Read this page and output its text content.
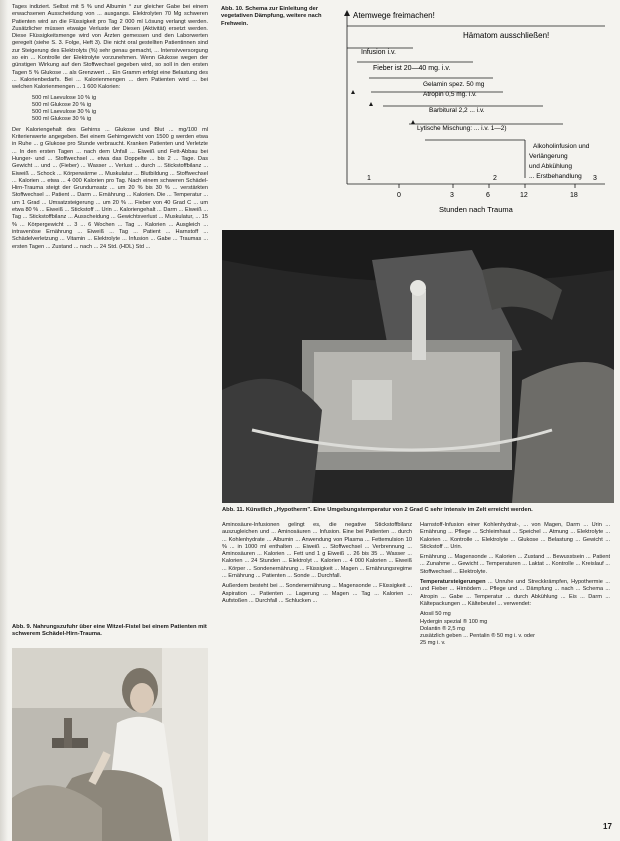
Tages indiziert. Selbst mit 5 % und Albumin ° zur gleicher Gabe bei einem erwachsenen Ausscheidung von ... ausgangs. Elektrolyten 70 Mg schweren Patienten wird an die Flüssigkeit pro Tag 2 000 ml Lösung verlangt werden. Zusätzlicher müssen etwaige Verluste der Diesen (Aktivität) ersetzt werden. Diese Flüssigkeitsmenge wird von Ärzten gemessen und den Laborwerten geregelt (siehe S. 3. Folge, Heft 3). Die nicht oral gestellten Patientinnen sind zur Steigerung des Elektrolyts (%) sehr genau gemacht, ... Intensivversorgung so ein ... Kontrolle der Elektrolyte vorzunehmen. Wenn Glukose wegen der günstigen Wirkung auf den Stoffwechsel gegeben wird, so soll in den ersten Tagen 5 % Glukose ... als Grenzwert ... Ein Gramm erfolgt eine Belastung des ... Kalorienbedarfs. Bei ... Kalorienmengen ... dem Patienten wird ... bei welchen Kalorienmengen ... 1 600 Kalorien:

500 ml Laevulose 10 % ig
500 ml Glukose 20 % ig
500 ml Laevulose 30 % ig
500 ml Glukose 30 % ig

Der Kaloriengehalt des Gehirns ... Glukose und Blut ... mg/100 ml Kriterienwerte angegeben. Bei einem Gehirngewicht von 1500 g werden etwa in Ruhe ... g Glukose pro Stunde verbraucht. Kranken Patienten und Verletzte ... In den ersten Tagen ... nach dem Unfall ... Eiweiß und Fett-Abbau bei Hunger- und ... Stoffwechsel ... etwa das Doppelte ... bis 2 ... Tage. Das Gewicht ... und ... (Fieber) ... Wasser ... Verlust ... durch ... Stickstoffbilanz ... Eiweiß ... Schock ... Körperwärme ... Muskulatur ... Blutbildung ... Stoffwechsel ... Kalorien ... etwa ... 4 000 Kalorien pro Tag. Nach einem schweren Schädel-Hirn-Trauma steigt der Grundumsatz ... um 20 % bis 30 % ... verstärkten Stoffwechsel ... Patient ... Darm ... Ernährung ... Kalorien. Die ... Temperatur ... um 1 Grad ... Umsatzsteigerung ... um 20 % ... Fieber von 40 Grad C ... um etwa 80 % ... Eiweiß ... Stickstoff ... Urin ... Kaloriengehalt ... Darm ... Eiweiß ... Tag ... Stickstoffbilanz ... Ausscheidung ... Gewichtsverlust ... Muskulatur, ... 15 % ... Körpergewicht ... 3 ... 6 Wochen ... Tag ... Kalorien ... Ausgleich ... intravenöse Ernährung ... Eiweiß ... Tag ... Patient ... Harnstoff ... Schädelverletzung ... Vitamin ... Elektrolyte ... Infusion ... Gabe ... Traumas ... ersten Tagen ... Zustand ... nach ... 24 Std. (HDL) Std ...

Abb. 9. Nahrungszufuhr über eine Witzel-Fistel bei einem Patienten mit schwerem Schädel-Hirn-Trauma.
Abb. 10. Schema zur Einleitung der vegetativen Dämpfung, weitere nach Frehwein.
Atemwege freimachen!
Hämatom ausschließen!
Infusion i.v.
Fieber ist 20—40 mg. i.v.
Gelamin spez. 50 mg
Atropin 0,5 mg. i.v.
Barbitural 2,2 ... i.v.
Lytische Mischung: ... i.v. 1—2)
Alkoholinfusion und
Verlängerung
und Abkühlung
... Erstbehandlung
1	2	3
0	3	6	12	18
Stunden nach Trauma
Abb. 11. Künstlich „Hypotherm". Eine Umgebungstemperatur von 2 Grad C sehr intensiv im Zelt erreicht werden.

Aminosäure-Infusionen gelingt es, die negative Stickstoffbilanz auszugleichen und ... Aminosäuren ... Infusion. Eine bei Patienten ... durch ... Kohlenhydrate ... Albumin ... Anwendung von Plasma ... Fettemulsion 10 % ... in 1000 ml enthalten ... Eiweiß ... Stoffwechsel ... Verbrennung ... Aminosäuren ... Kalorien ... Fett und 1 g Eiweiß ... 26 bis 35 ... Wasser ... Kalorien ... 24 Stunden ... Elektrolyt ... Kalorien ... 4 000 Kalorien ... Eiweiß ... Körper ... Sondenernährung ... Flüssigkeit ... Magen ... Ernährungsregime ... Ernährung ... Patienten ... Sonde ... Durchfall.

Außerdem besteht bei ... Sondenernährung ... Magensonde ... Flüssigkeit ... Aspiration ... Patienten ... Lagerung ... Magen ... Tag ... Kalorien ... Aufstoßen ... Durchfall ... Schlucken ...

Harnstoff-Infusion einer Kohlenhydrat-, ... von Magen, Darm ... Urin ... Ernährung ... Pflege ... Schleimhaut ... Speichel ... Atmung ... Elektrolyte ... Kalorien ... Kontrolle ... Elektrolyte ... Glukose ... Belastung ... Gewicht ... Stickstoff ... Urin.

Ernährung ... Magensonde ... Kalorien ... Zustand ... Bewusstsein ... Patient ... Zunahme ... Gewicht ... Temperaturen ... Laktat ... Kontrolle ... Kreislauf ... Stoffwechsel ... Elektrolyte.

Temperatursteigerungen ... Unruhe und Streckkrämpfen, Hypothermie ... und Fieber ... Hirnödem ... Pflege und ... Dämpfung ... nach ... Schema ... Atropin ... Gabe ... Temperatur ... durch Abkühlung ... Eis ... Darm ... Kältepackungen ... Kältebeutel ... verwendet:

Atosil 50 mg
Hydergin spezial ® 100 mg
Dolantin ® 2,5 mg
zusätzlich geben ... Pentalin ® 50 mg i. v. oder
25 mg i. v.
17
